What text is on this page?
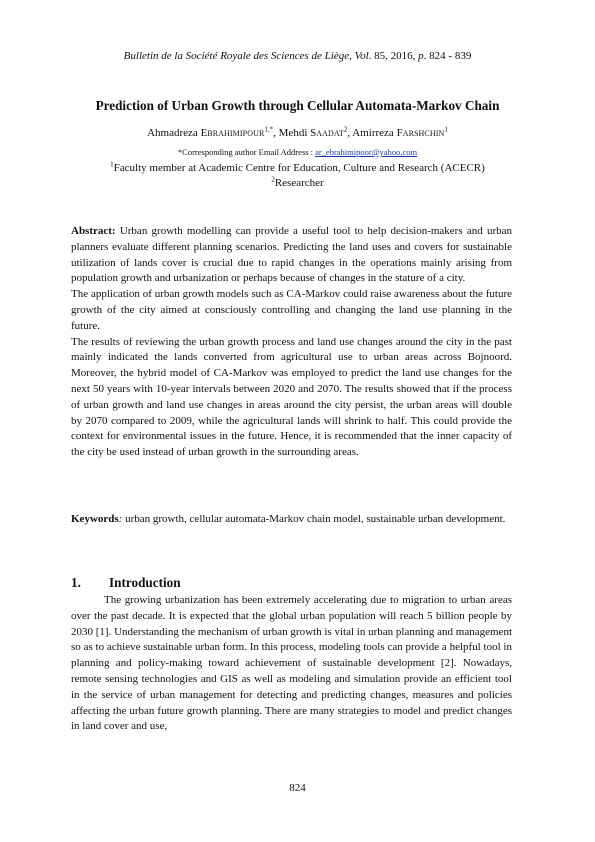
Bulletin de la Société Royale des Sciences de Liège, Vol. 85, 2016, p. 824 - 839
Prediction of Urban Growth through Cellular Automata-Markov Chain
Ahmadreza $EBRAHIMIPOUR^{1,*}$, Mehdi SAADAT$^2$, Amirreza FARSHCHIN$^1$
*Corresponding author Email Address : ar_ebrahimipoor@yahoo.com
$^1$Faculty member at Academic Centre for Education, Culture and Research (ACECR)
$^2$Researcher

Abstract: Urban growth modelling can provide a useful tool to help decision-makers and urban planners evaluate different planning scenarios. Predicting the land uses and covers for sustainable utilization of lands cover is crucial due to rapid changes in the operations mainly arising from population growth and urbanization or perhaps because of changes in the stature of a city.

The application of urban growth models such as CA-Markov could raise awareness about the future growth of the city aimed at consciously controlling and changing the land use planning in the future.

The results of reviewing the urban growth process and land use changes around the city in the past mainly indicated the lands converted from agricultural use to urban areas across Bojnoord. Moreover, the hybrid model of CA-Markov was employed to predict the land use changes for the next 50 years with 10-year intervals between 2020 and 2070. The results showed that if the process of urban growth and land use changes in areas around the city persist, the urban areas will double by 2070 compared to 2009, while the agricultural lands will shrink to half. This could provide the context for environmental issues in the future. Hence, it is recommended that the inner capacity of the city be used instead of urban growth in the surrounding areas.

Keywords: urban growth, cellular automata-Markov chain model, sustainable urban development.
1. Introduction

The growing urbanization has been extremely accelerating due to migration to urban areas over the past decade. It is expected that the global urban population will reach 5 billion people by 2030 [1]. Understanding the mechanism of urban growth is vital in urban planning and management so as to achieve sustainable urban form. In this process, modeling tools can provide a helpful tool in planning and policy-making toward achievement of sustainable development [2]. Nowadays, remote sensing technologies and GIS as well as modeling and simulation provide an efficient tool in the service of urban management for detecting and predicting changes, measures and policies affecting the urban future growth planning. There are many strategies to model and predict changes in land cover and use,

824
